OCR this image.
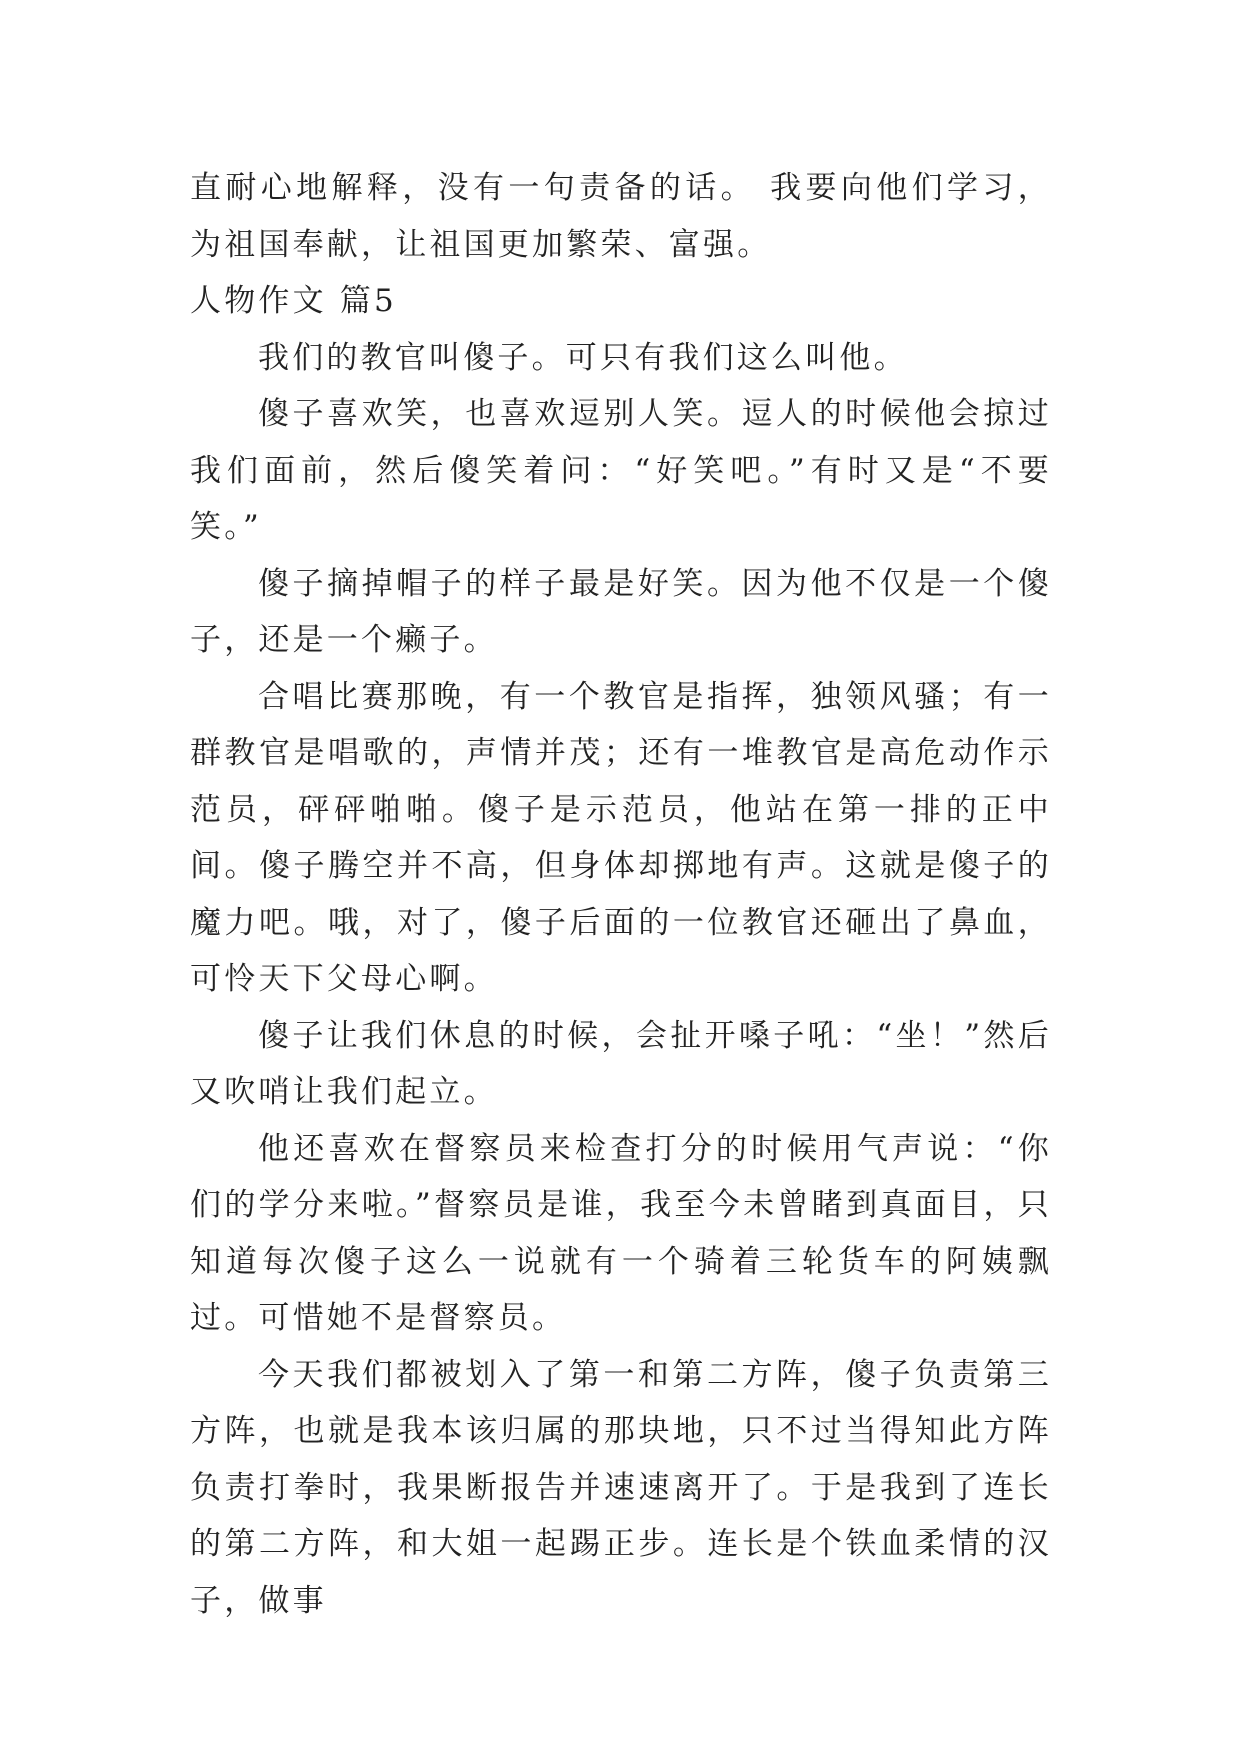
直耐心地解释，没有一句责备的话。 我要向他们学习，为祖国奉献，让祖国更加繁荣、富强。

人物作文 篇5

我们的教官叫傻子。可只有我们这么叫他。

傻子喜欢笑，也喜欢逗别人笑。逗人的时候他会掠过我们面前，然后傻笑着问：“好笑吧。”有时又是“不要笑。”

傻子摘掉帽子的样子最是好笑。因为他不仅是一个傻子，还是一个癞子。

合唱比赛那晚，有一个教官是指挥，独领风骚；有一群教官是唱歌的，声情并茂；还有一堆教官是高危动作示范员，砰砰啪啪。傻子是示范员，他站在第一排的正中间。傻子腾空并不高，但身体却掷地有声。这就是傻子的魔力吧。哦，对了，傻子后面的一位教官还砸出了鼻血，可怜天下父母心啊。

傻子让我们休息的时候，会扯开嗓子吼：“坐！”然后又吹哨让我们起立。

他还喜欢在督察员来检查打分的时候用气声说：“你们的学分来啦。”督察员是谁，我至今未曾睹到真面目，只知道每次傻子这么一说就有一个骑着三轮货车的阿姨飘过。可惜她不是督察员。

今天我们都被划入了第一和第二方阵，傻子负责第三方阵，也就是我本该归属的那块地，只不过当得知此方阵负责打拳时，我果断报告并速速离开了。于是我到了连长的第二方阵，和大姐一起踢正步。连长是个铁血柔情的汉子，做事
